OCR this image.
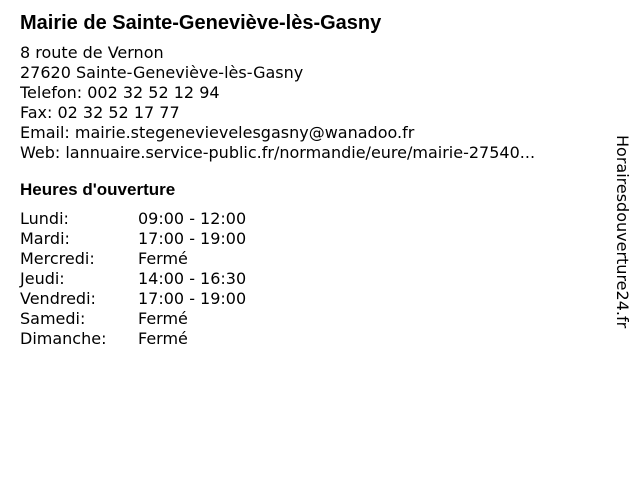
Mairie de Sainte-Geneviève-lès-Gasny
8 route de Vernon
27620 Sainte-Geneviève-lès-Gasny
Telefon: 002 32 52 12 94
Fax: 02 32 52 17 77
Email: mairie.stegenevievelesgasny@wanadoo.fr
Web: lannuaire.service-public.fr/normandie/eure/mairie-27540...
Heures d'ouverture
Lundi:	09:00 - 12:00
Mardi:	17:00 - 19:00
Mercredi:	Fermé
Jeudi:	14:00 - 16:30
Vendredi:	17:00 - 19:00
Samedi:	Fermé
Dimanche:	Fermé
Horairesdouverture24.fr
